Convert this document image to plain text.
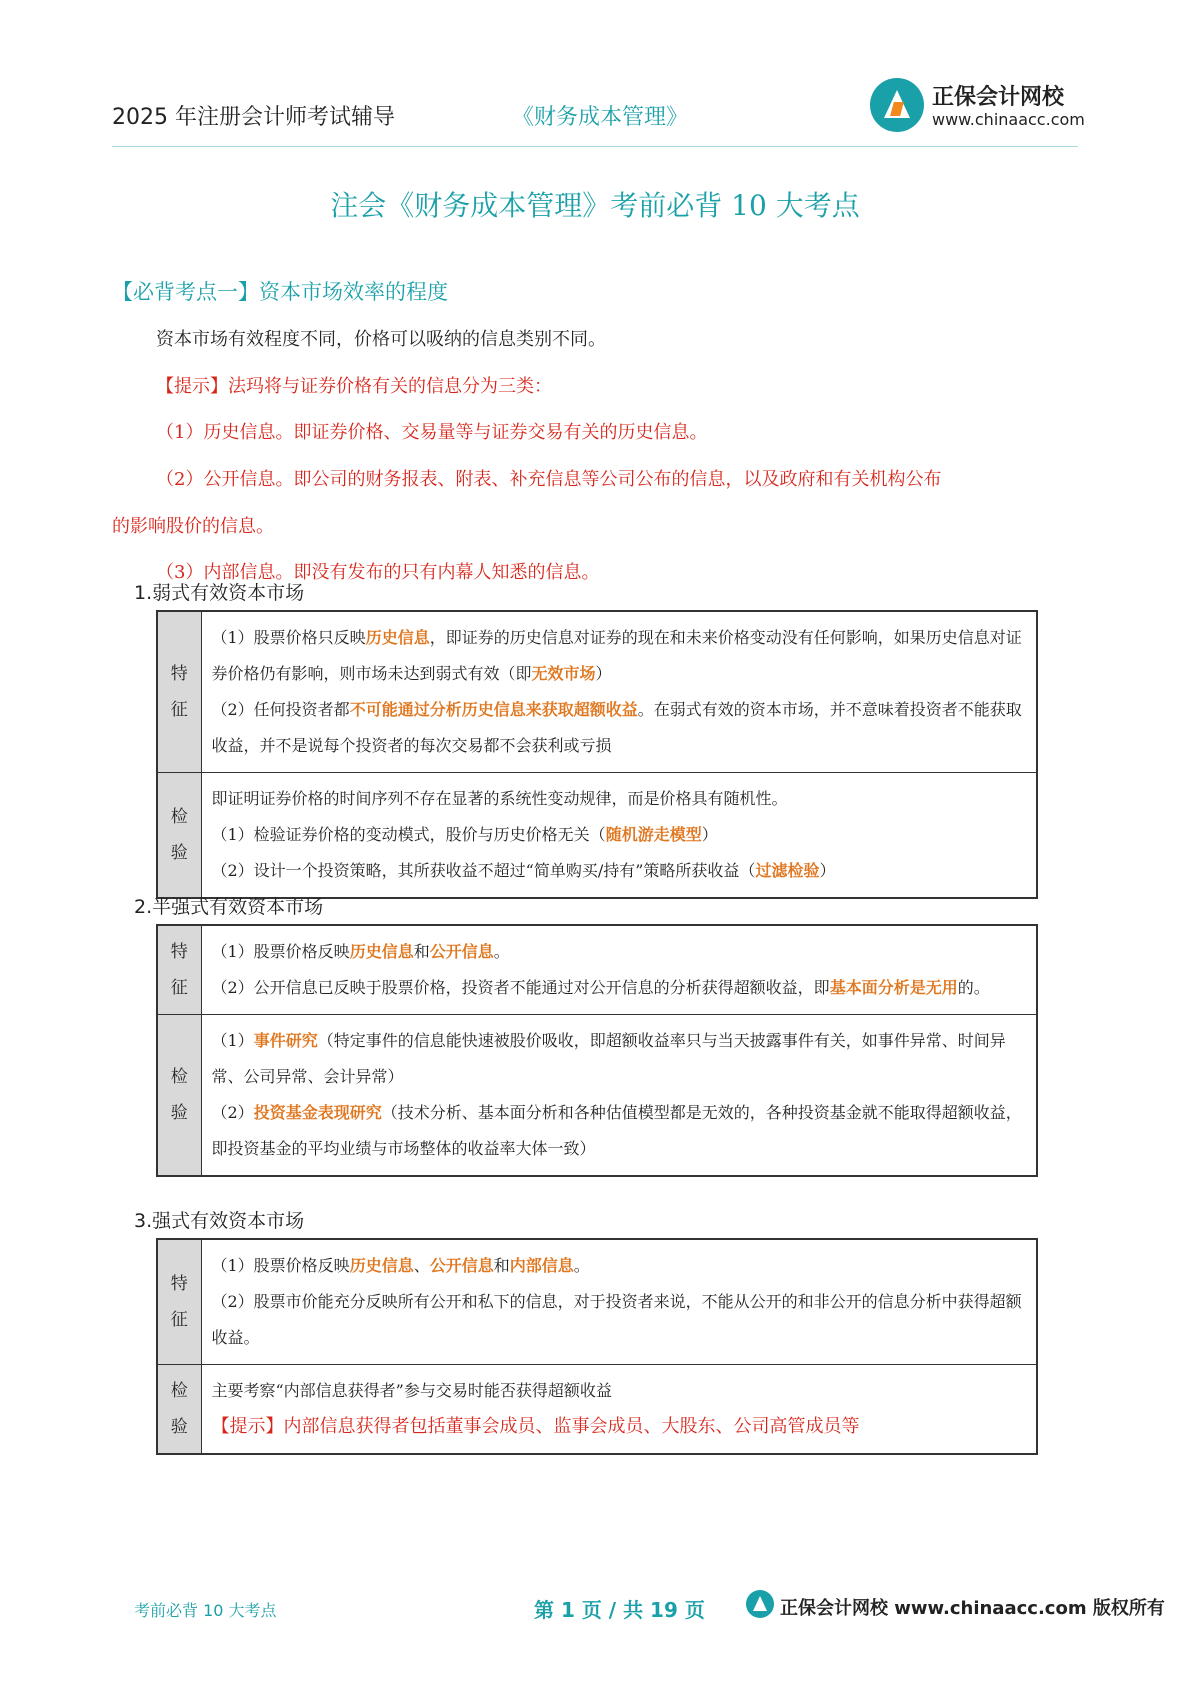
2025 年注册会计师考试辅导	《财务成本管理》
正保会计网校
www.chinaacc.com
注会《财务成本管理》考前必背 10 大考点
【必背考点一】资本市场效率的程度
资本市场有效程度不同，价格可以吸纳的信息类别不同。
【提示】法玛将与证券价格有关的信息分为三类：
（1）历史信息。即证券价格、交易量等与证券交易有关的历史信息。
（2）公开信息。即公司的财务报表、附表、补充信息等公司公布的信息，以及政府和有关机构公布
的影响股价的信息。
（3）内部信息。即没有发布的只有内幕人知悉的信息。
1.弱式有效资本市场
特
征	（1）股票价格只反映历史信息，即证券的历史信息对证券的现在和未来价格变动没有任何影响，如果历史信息对证券价格仍有影响，则市场未达到弱式有效（即无效市场）
（2）任何投资者都不可能通过分析历史信息来获取超额收益。在弱式有效的资本市场，并不意味着投资者不能获取收益，并不是说每个投资者的每次交易都不会获利或亏损

检
验	即证明证券价格的时间序列不存在显著的系统性变动规律，而是价格具有随机性。
（1）检验证券价格的变动模式，股价与历史价格无关（随机游走模型）
（2）设计一个投资策略，其所获收益不超过“简单购买/持有”策略所获收益（过滤检验）
2.半强式有效资本市场
特
征	（1）股票价格反映历史信息和公开信息。
（2）公开信息已反映于股票价格，投资者不能通过对公开信息的分析获得超额收益，即基本面分析是无用的。

检
验	（1）事件研究（特定事件的信息能快速被股价吸收，即超额收益率只与当天披露事件有关，如事件异常、时间异常、公司异常、会计异常）
（2）投资基金表现研究（技术分析、基本面分析和各种估值模型都是无效的，各种投资基金就不能取得超额收益，即投资基金的平均业绩与市场整体的收益率大体一致）
3.强式有效资本市场
特
征	（1）股票价格反映历史信息、公开信息和内部信息。
（2）股票市价能充分反映所有公开和私下的信息，对于投资者来说，不能从公开的和非公开的信息分析中获得超额收益。

检
验	主要考察“内部信息获得者”参与交易时能否获得超额收益
【提示】内部信息获得者包括董事会成员、监事会成员、大股东、公司高管成员等
考前必背 10 大考点	第 1 页 / 共 19 页	正保会计网校 www.chinaacc.com 版权所有
